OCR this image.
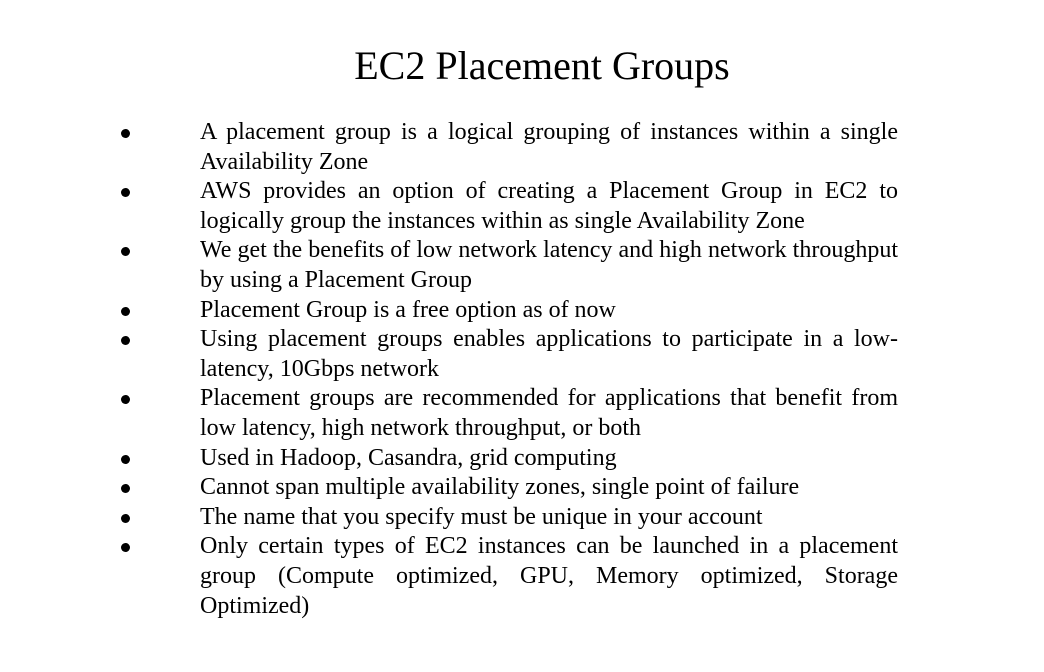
EC2 Placement Groups
A placement group is a logical grouping of instances within a single Availability Zone
AWS provides an option of creating a Placement Group in EC2 to logically group the instances within as single Availability Zone
We get the benefits of low network latency and high network throughput by using a Placement Group
Placement Group is a free option as of now
Using placement groups enables applications to participate in a low-latency, 10Gbps network
Placement groups are recommended for applications that benefit from low latency, high network throughput, or both
Used in Hadoop, Casandra, grid computing
Cannot span multiple availability zones, single point of failure
The name that you specify must be unique in your account
Only certain types of EC2 instances can be launched in a placement group (Compute optimized, GPU, Memory optimized, Storage Optimized)
